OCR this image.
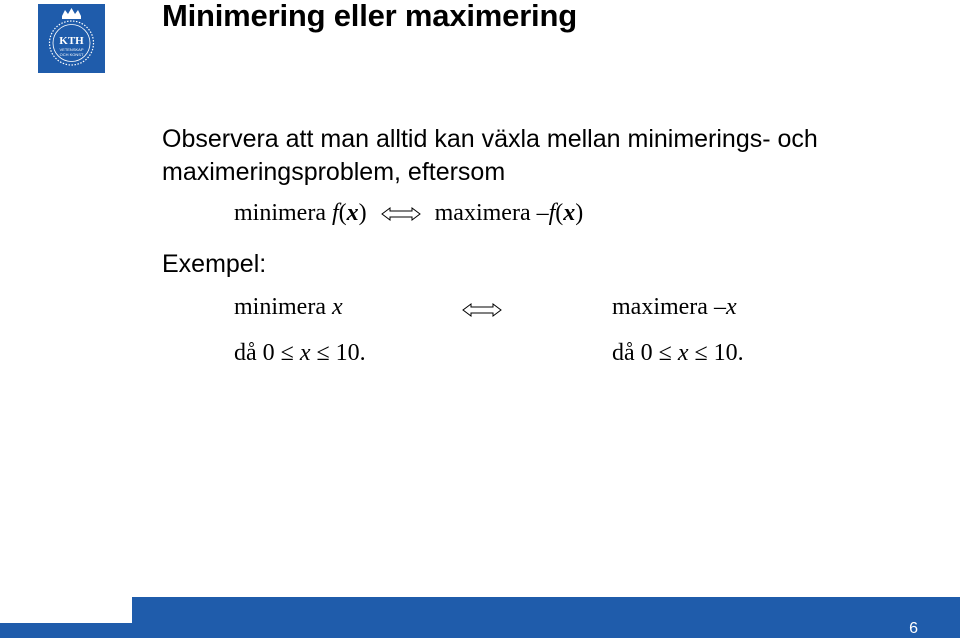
KTH
VETENSKAP
OCH KONST
Minimering eller maximering
Observera att man alltid kan växla mellan minimerings- och
maximeringsproblem, eftersom
minimera f(x)	maximera –f(x)
Exempel:
minimera x	maximera –x
då 0 ≤ x ≤ 10.	då 0 ≤ x ≤ 10.
6
